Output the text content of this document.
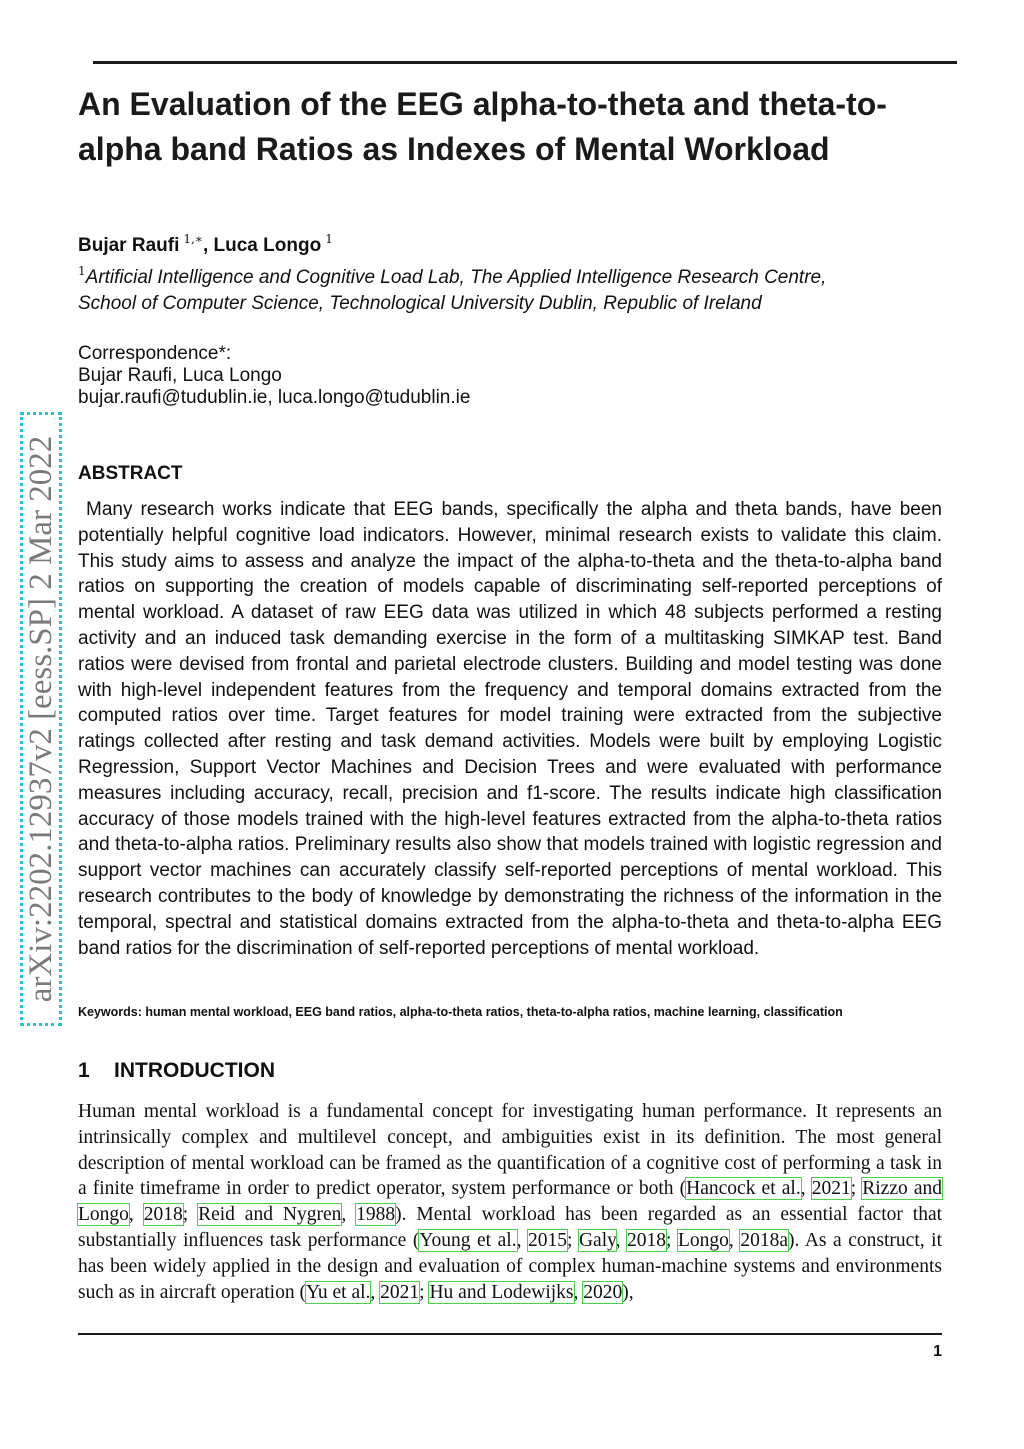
An Evaluation of the EEG alpha-to-theta and theta-to-alpha band Ratios as Indexes of Mental Workload
Bujar Raufi $^{1,∗}$, Luca Longo $^1$
$^1$Artificial Intelligence and Cognitive Load Lab, The Applied Intelligence Research Centre, School of Computer Science, Technological University Dublin, Republic of Ireland
Correspondence*:
Bujar Raufi, Luca Longo
bujar.raufi@tudublin.ie, luca.longo@tudublin.ie
arXiv:2202.12937v2 [eess.SP] 2 Mar 2022 ABSTRACT

Many research works indicate that EEG bands, specifically the alpha and theta bands, have been potentially helpful cognitive load indicators. However, minimal research exists to validate this claim. This study aims to assess and analyze the impact of the alpha-to-theta and the theta-to-alpha band ratios on supporting the creation of models capable of discriminating self-reported perceptions of mental workload. A dataset of raw EEG data was utilized in which 48 subjects performed a resting activity and an induced task demanding exercise in the form of a multitasking SIMKAP test. Band ratios were devised from frontal and parietal electrode clusters. Building and model testing was done with high-level independent features from the frequency and temporal domains extracted from the computed ratios over time. Target features for model training were extracted from the subjective ratings collected after resting and task demand activities. Models were built by employing Logistic Regression, Support Vector Machines and Decision Trees and were evaluated with performance measures including accuracy, recall, precision and f1-score. The results indicate high classification accuracy of those models trained with the high-level features extracted from the alpha-to-theta ratios and theta-to-alpha ratios. Preliminary results also show that models trained with logistic regression and support vector machines can accurately classify self-reported perceptions of mental workload. This research contributes to the body of knowledge by demonstrating the richness of the information in the temporal, spectral and statistical domains extracted from the alpha-to-theta and theta-to-alpha EEG band ratios for the discrimination of self-reported perceptions of mental workload.

Keywords: human mental workload, EEG band ratios, alpha-to-theta ratios, theta-to-alpha ratios, machine learning, classification
1 INTRODUCTION

Human mental workload is a fundamental concept for investigating human performance. It represents an intrinsically complex and multilevel concept, and ambiguities exist in its definition. The most general description of mental workload can be framed as the quantification of a cognitive cost of performing a task in a finite timeframe in order to predict operator, system performance or both (Hancock et al., 2021; Rizzo and Longo, 2018; Reid and Nygren, 1988). Mental workload has been regarded as an essential factor that substantially influences task performance (Young et al., 2015; Galy, 2018; Longo, 2018a). As a construct, it has been widely applied in the design and evaluation of complex human-machine systems and environments such as in aircraft operation (Yu et al., 2021; Hu and Lodewijks, 2020),

1
